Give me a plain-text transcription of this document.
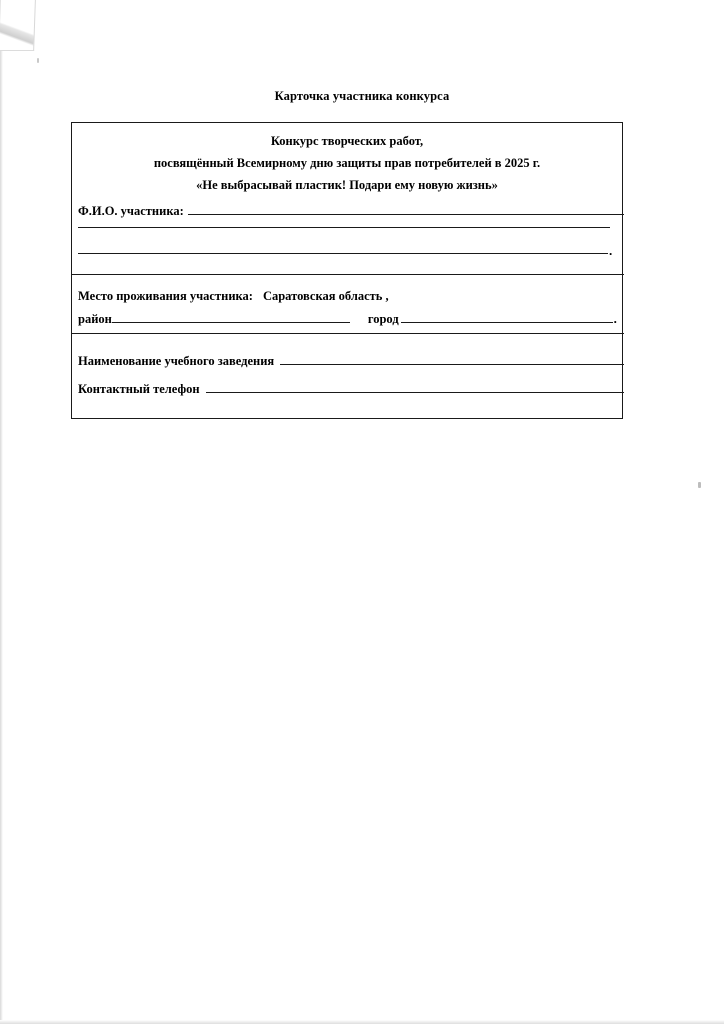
Карточка участника конкурса
Конкурс творческих работ,
посвящённый Всемирному дню защиты прав потребителей в 2025 г.
«Не выбрасывай пластик! Подари ему новую жизнь»
Ф.И.О. участника:
.
Место проживания участника: Саратовская область ,
район	город	.
Наименование учебного заведения
Контактный телефон
